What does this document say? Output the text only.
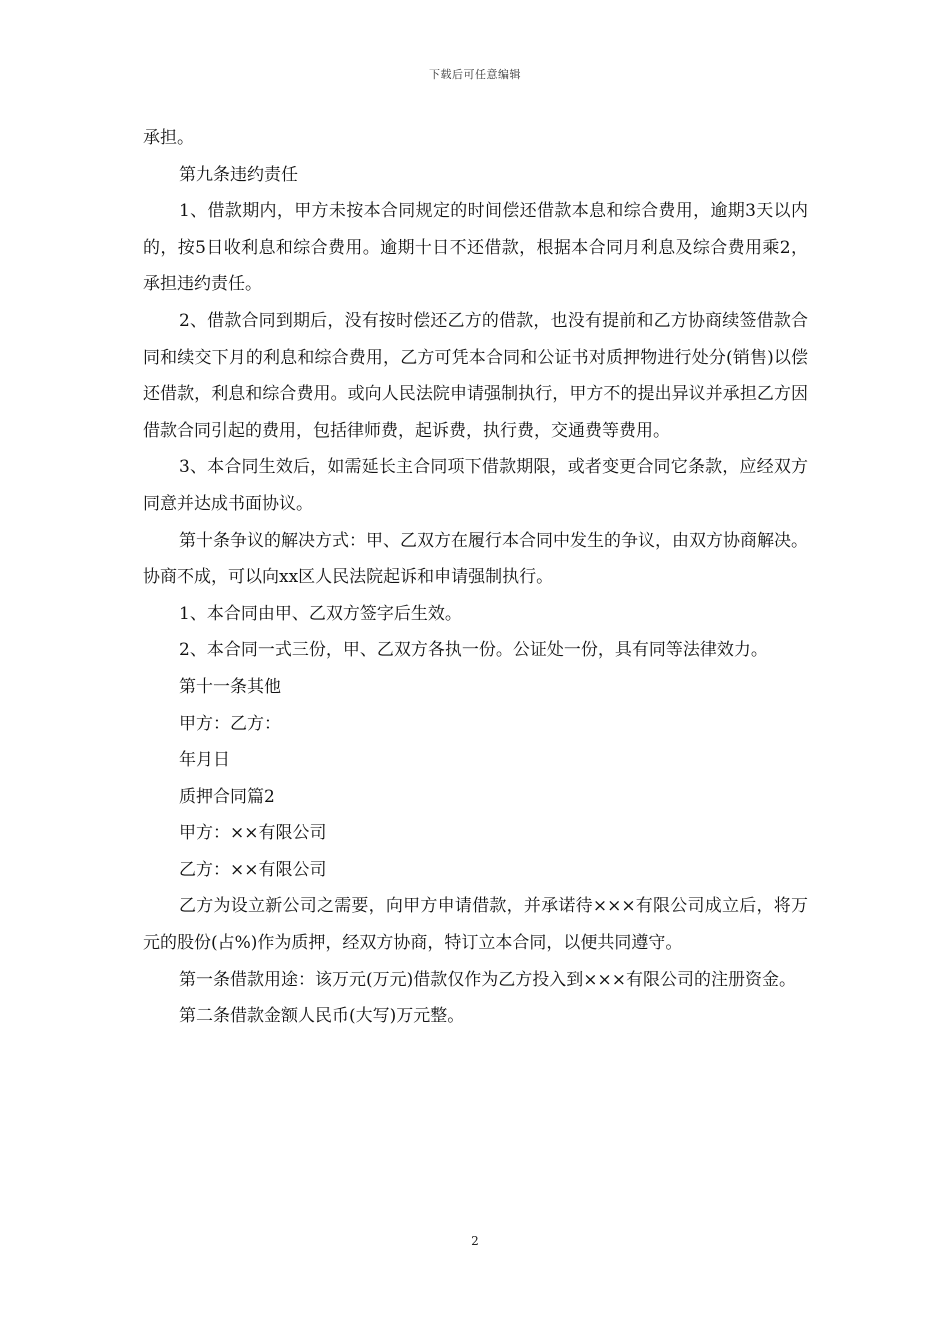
下载后可任意编辑

承担。

第九条违约责任

1、借款期内，甲方未按本合同规定的时间偿还借款本息和综合费用，逾期3天以内的，按5日收利息和综合费用。逾期十日不还借款，根据本合同月利息及综合费用乘2，承担违约责任。

2、借款合同到期后，没有按时偿还乙方的借款，也没有提前和乙方协商续签借款合同和续交下月的利息和综合费用，乙方可凭本合同和公证书对质押物进行处分(销售)以偿还借款，利息和综合费用。或向人民法院申请强制执行，甲方不的提出异议并承担乙方因借款合同引起的费用，包括律师费，起诉费，执行费，交通费等费用。

3、本合同生效后，如需延长主合同项下借款期限，或者变更合同它条款，应经双方同意并达成书面协议。

第十条争议的解决方式：甲、乙双方在履行本合同中发生的争议，由双方协商解决。协商不成，可以向xx区人民法院起诉和申请强制执行。

1、本合同由甲、乙双方签字后生效。

2、本合同一式三份，甲、乙双方各执一份。公证处一份，具有同等法律效力。

第十一条其他

甲方：乙方：

年月日

质押合同篇2

甲方：××有限公司

乙方：××有限公司

乙方为设立新公司之需要，向甲方申请借款，并承诺待×××有限公司成立后，将万元的股份(占%)作为质押，经双方协商，特订立本合同，以便共同遵守。

第一条借款用途：该万元(万元)借款仅作为乙方投入到×××有限公司的注册资金。

第二条借款金额人民币(大写)万元整。

2
